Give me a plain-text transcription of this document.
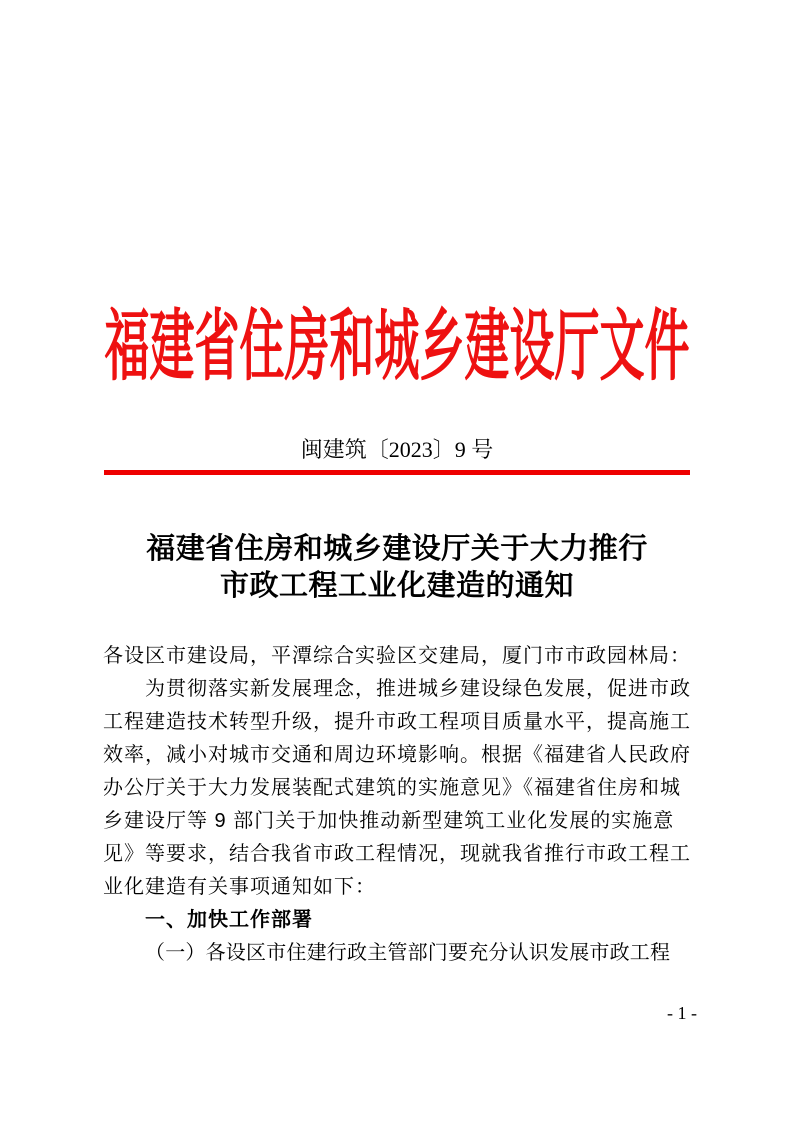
福建省住房和城乡建设厅文件
闽建筑〔2023〕9 号
福建省住房和城乡建设厅关于大力推行
市政工程工业化建造的通知
各设区市建设局，平潭综合实验区交建局，厦门市市政园林局：
为贯彻落实新发展理念，推进城乡建设绿色发展，促进市政
工程建造技术转型升级，提升市政工程项目质量水平，提高施工
效率，减小对城市交通和周边环境影响。根据《福建省人民政府
办公厅关于大力发展装配式建筑的实施意见》《福建省住房和城
乡建设厅等 9 部门关于加快推动新型建筑工业化发展的实施意
见》等要求，结合我省市政工程情况，现就我省推行市政工程工
业化建造有关事项通知如下：
一、加快工作部署
（一）各设区市住建行政主管部门要充分认识发展市政工程
- 1 -
